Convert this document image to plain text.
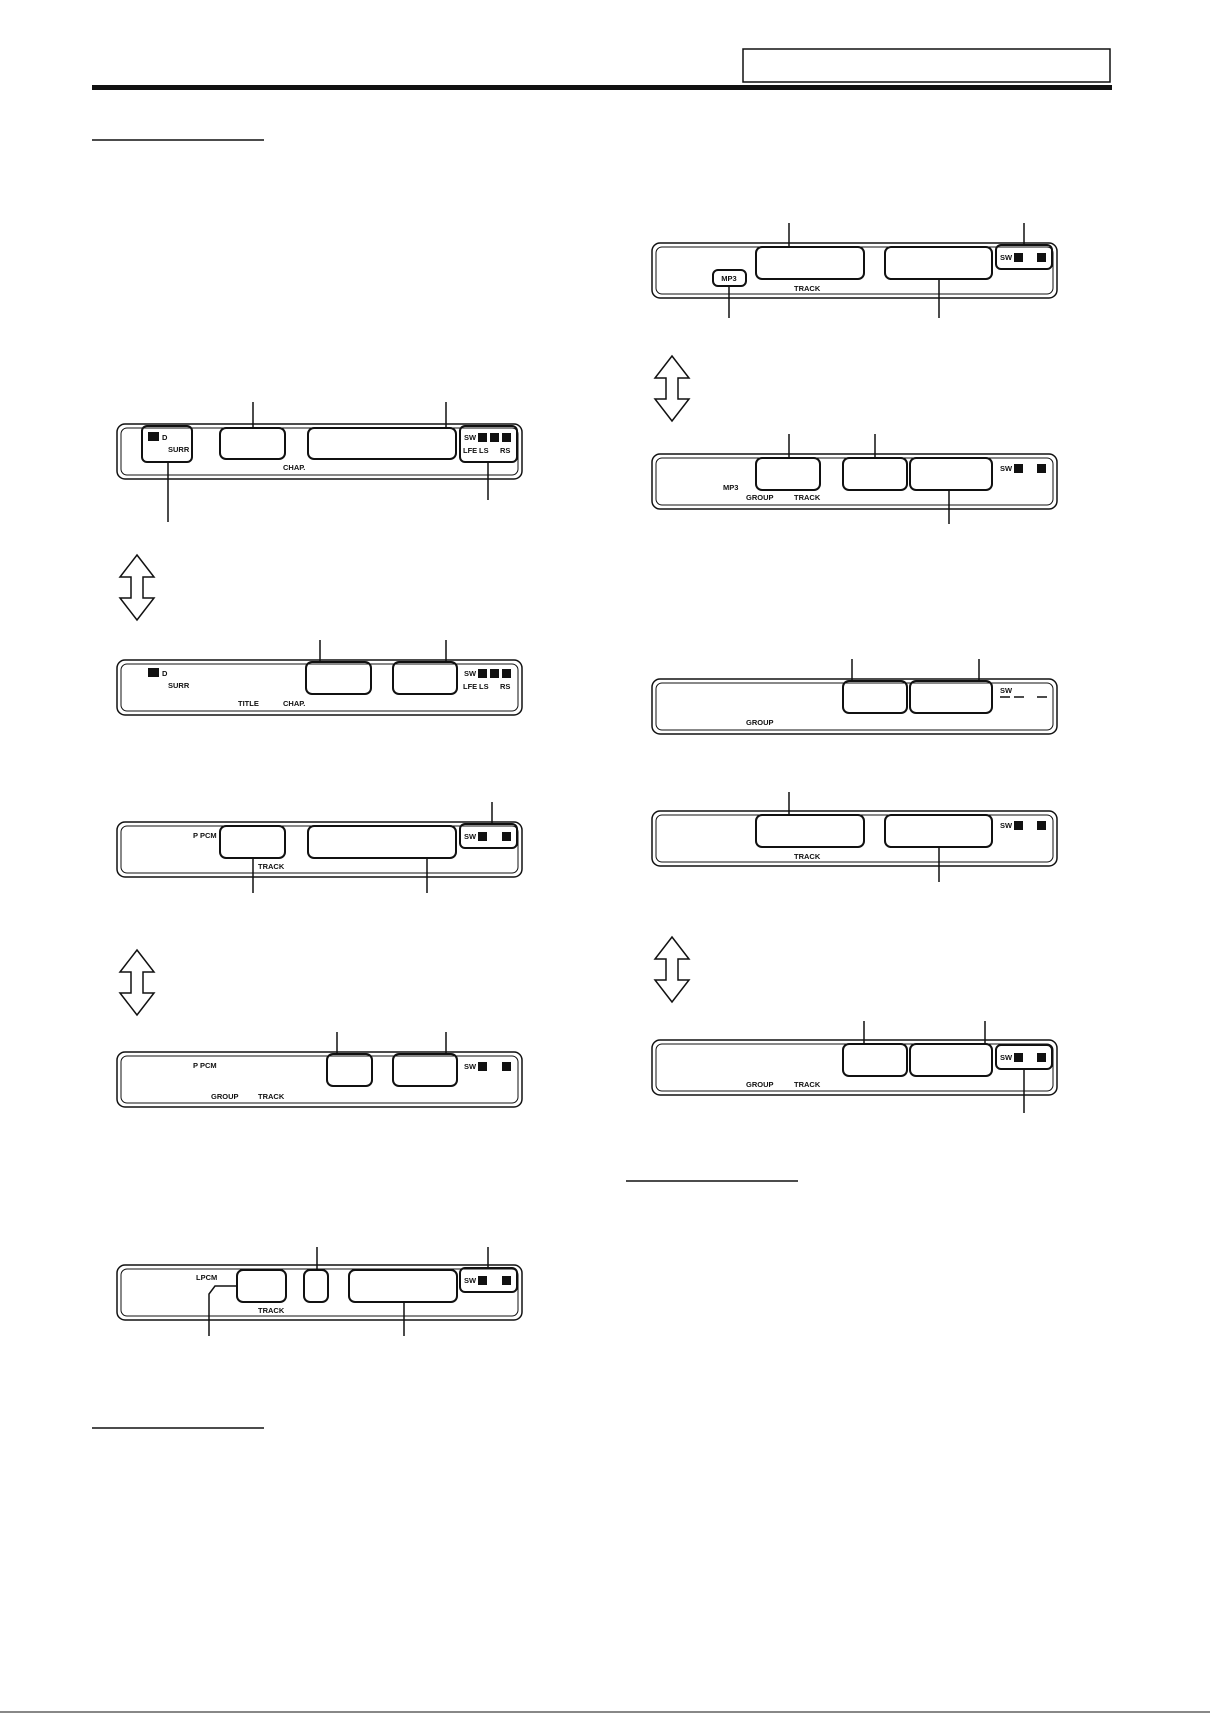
D
SURR
CHAP.
SW
LFE LS RS
D
SURR
TITLE	CHAP.
SW
LFE LS RS
P PCM
TRACK
SW
P PCM
GROUP	TRACK
SW
LPCM
TRACK
SW
MP3
TRACK
SW
MP3
GROUP	TRACK
SW
GROUP
SW
TRACK
SW
GROUP	TRACK
SW
